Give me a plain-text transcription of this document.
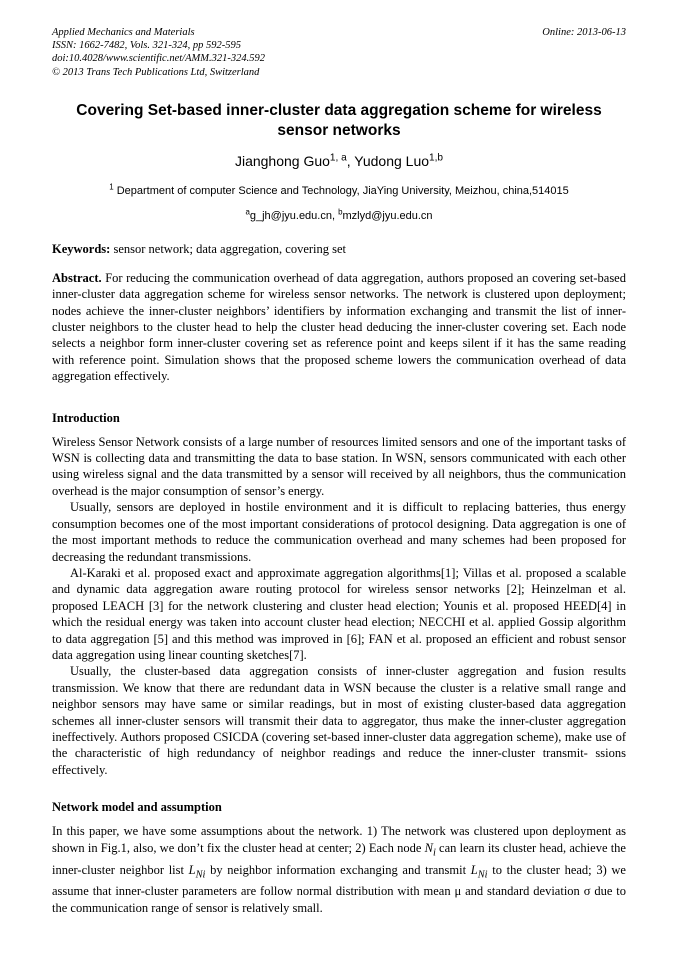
Applied Mechanics and Materials
ISSN: 1662-7482, Vols. 321-324, pp 592-595
doi:10.4028/www.scientific.net/AMM.321-324.592
© 2013 Trans Tech Publications Ltd, Switzerland
Online: 2013-06-13
Covering Set-based inner-cluster data aggregation scheme for wireless sensor networks
Jianghong Guo$^{1, a}$, Yudong Luo$^{1,b}$
$^1$ Department of computer Science and Technology, JiaYing University, Meizhou, china,514015
$^a$g_jh@jyu.edu.cn, $^b$mzlyd@jyu.edu.cn
Keywords: sensor network; data aggregation, covering set
Abstract. For reducing the communication overhead of data aggregation, authors proposed an covering set-based inner-cluster data aggregation scheme for wireless sensor networks. The network is clustered upon deployment; nodes achieve the inner-cluster neighbors’ identifiers by information exchanging and transmit the list of inner-cluster neighbors to the cluster head to help the cluster head deducing the inner-cluster covering set. Each node selects a neighbor form inner-cluster covering set as reference point and keeps silent if it has the same reading with reference point. Simulation shows that the proposed scheme lowers the communication overhead of data aggregation effectively.
Introduction

Wireless Sensor Network consists of a large number of resources limited sensors and one of the important tasks of WSN is collecting data and transmitting the data to base station. In WSN, sensors communicated with each other using wireless signal and the data transmitted by a sensor will received by all neighbors, thus the communication overhead is the major consumption of sensor’s energy.

Usually, sensors are deployed in hostile environment and it is difficult to replacing batteries, thus energy consumption becomes one of the most important considerations of protocol designing. Data aggregation is one of the most important methods to reduce the communication overhead and many schemes had been proposed for decreasing the redundant transmissions.

Al-Karaki et al. proposed exact and approximate aggregation algorithms[1]; Villas et al. proposed a scalable and dynamic data aggregation aware routing protocol for wireless sensor networks [2]; Heinzelman et al. proposed LEACH [3] for the network clustering and cluster head election; Younis et al. proposed HEED[4] in which the residual energy was taken into account cluster head election; NECCHI et al. applied Gossip algorithm to data aggregation [5] and this method was improved in [6]; FAN et al. proposed an efficient and robust sensor data aggregation using linear counting sketches[7].

Usually, the cluster-based data aggregation consists of inner-cluster aggregation and fusion results transmission. We know that there are redundant data in WSN because the cluster is a relative small range and neighbor sensors may have same or similar readings, but in most of existing cluster-based data aggregation schemes all inner-cluster sensors will transmit their data to aggregator, thus make the inner-cluster aggregation ineffectively. Authors proposed CSICDA (covering set-based inner-cluster data aggregation scheme), make use of the characteristic of high redundancy of neighbor readings and reduce the inner-cluster transmit- ssions effectively.

Network model and assumption

In this paper, we have some assumptions about the network. 1) The network was clustered upon deployment as shown in Fig.1, also, we don’t fix the cluster head at center; 2) Each node $N_i$ can learn its cluster head, achieve the inner-cluster neighbor list $L_{Ni}$ by neighbor information exchanging and transmit $L_{Ni}$ to the cluster head; 3) we assume that inner-cluster parameters are follow normal distribution with mean μ and standard deviation σ due to the communication range of sensor is relatively small.
